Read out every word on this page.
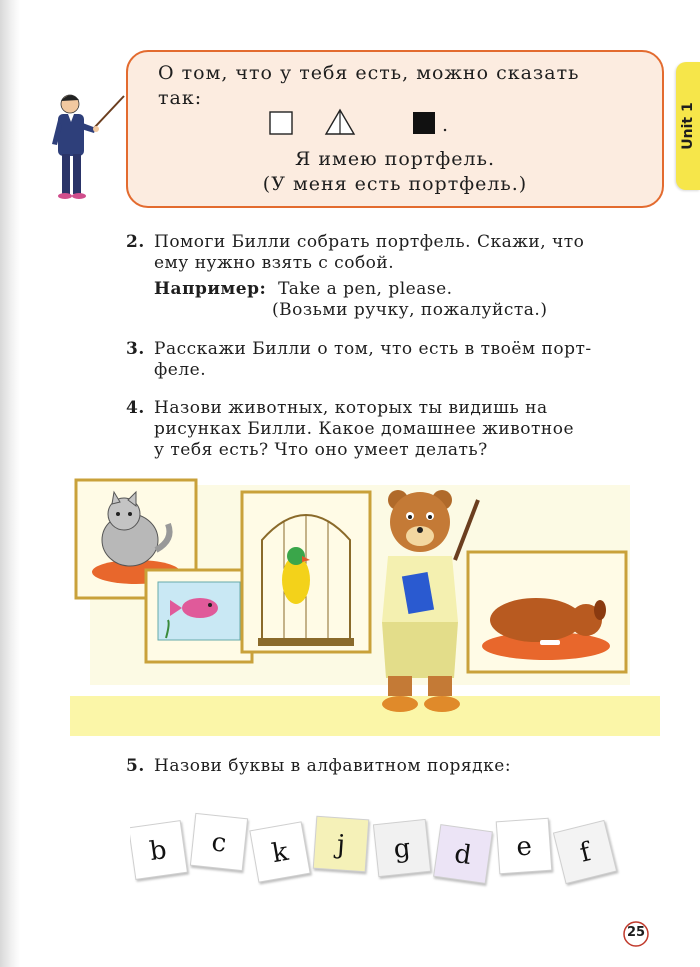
Unit 1
О том, что у тебя есть, можно сказать
так:
.
Я имею портфель.
(У меня есть портфель.)
2. Помоги Билли собрать портфель. Скажи, что
ему нужно взять с собой.
Например: Take a pen, please.
(Возьми ручку, пожалуйста.)
3. Расскажи Билли о том, что есть в твоём порт-
феле.
4. Назови животных, которых ты видишь на
рисунках Билли. Какое домашнее животное
у тебя есть? Что оно умеет делать?
5. Назови буквы в алфавитном порядке:
b c k j g d e f
25
